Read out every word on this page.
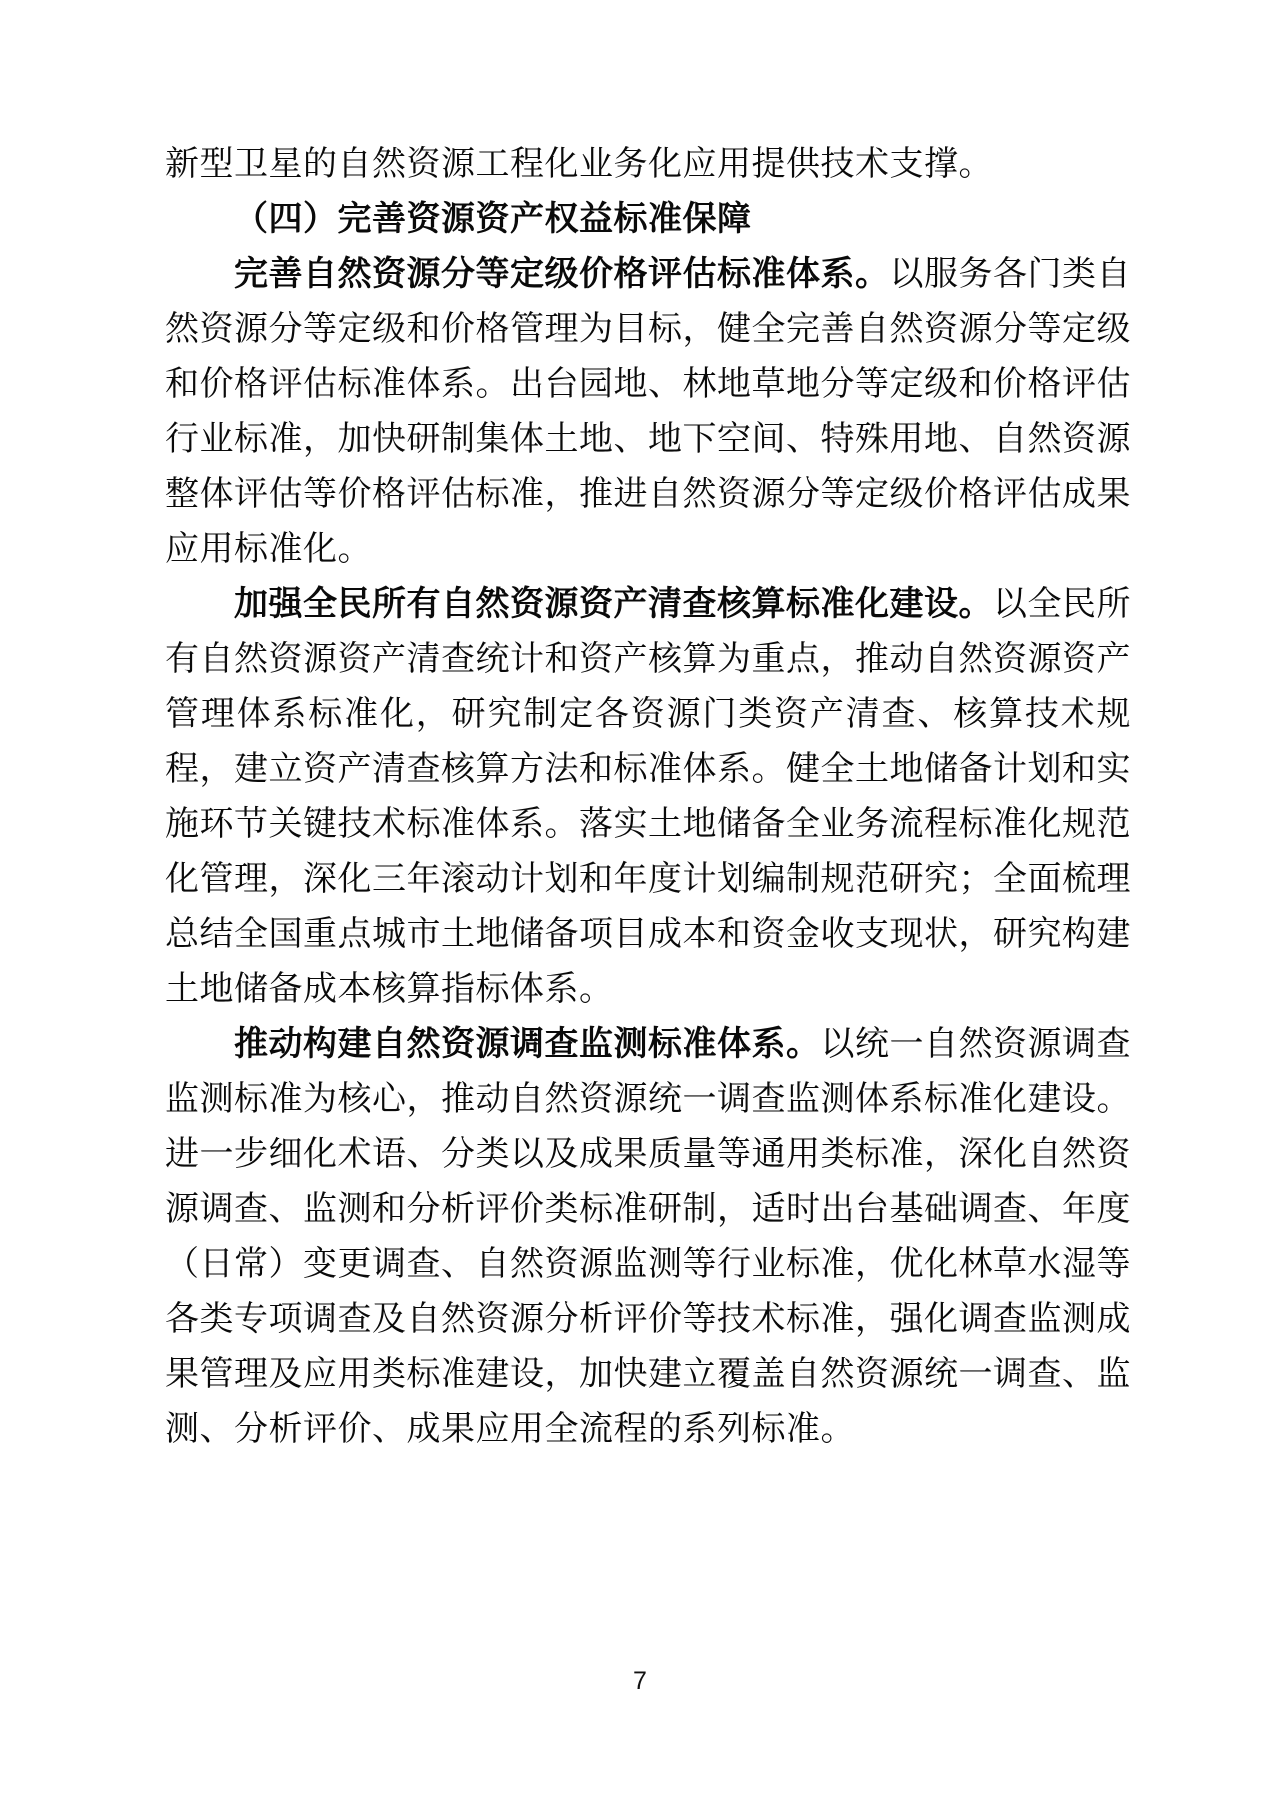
新型卫星的自然资源工程化业务化应用提供技术支撑。

（四）完善资源资产权益标准保障

完善自然资源分等定级价格评估标准体系。以服务各门类自然资源分等定级和价格管理为目标，健全完善自然资源分等定级和价格评估标准体系。出台园地、林地草地分等定级和价格评估行业标准，加快研制集体土地、地下空间、特殊用地、自然资源整体评估等价格评估标准，推进自然资源分等定级价格评估成果应用标准化。

加强全民所有自然资源资产清查核算标准化建设。以全民所有自然资源资产清查统计和资产核算为重点，推动自然资源资产管理体系标准化，研究制定各资源门类资产清查、核算技术规程，建立资产清查核算方法和标准体系。健全土地储备计划和实施环节关键技术标准体系。落实土地储备全业务流程标准化规范化管理，深化三年滚动计划和年度计划编制规范研究；全面梳理总结全国重点城市土地储备项目成本和资金收支现状，研究构建土地储备成本核算指标体系。

推动构建自然资源调查监测标准体系。以统一自然资源调查监测标准为核心，推动自然资源统一调查监测体系标准化建设。进一步细化术语、分类以及成果质量等通用类标准，深化自然资源调查、监测和分析评价类标准研制，适时出台基础调查、年度（日常）变更调查、自然资源监测等行业标准，优化林草水湿等各类专项调查及自然资源分析评价等技术标准，强化调查监测成果管理及应用类标准建设，加快建立覆盖自然资源统一调查、监测、分析评价、成果应用全流程的系列标准。

7
